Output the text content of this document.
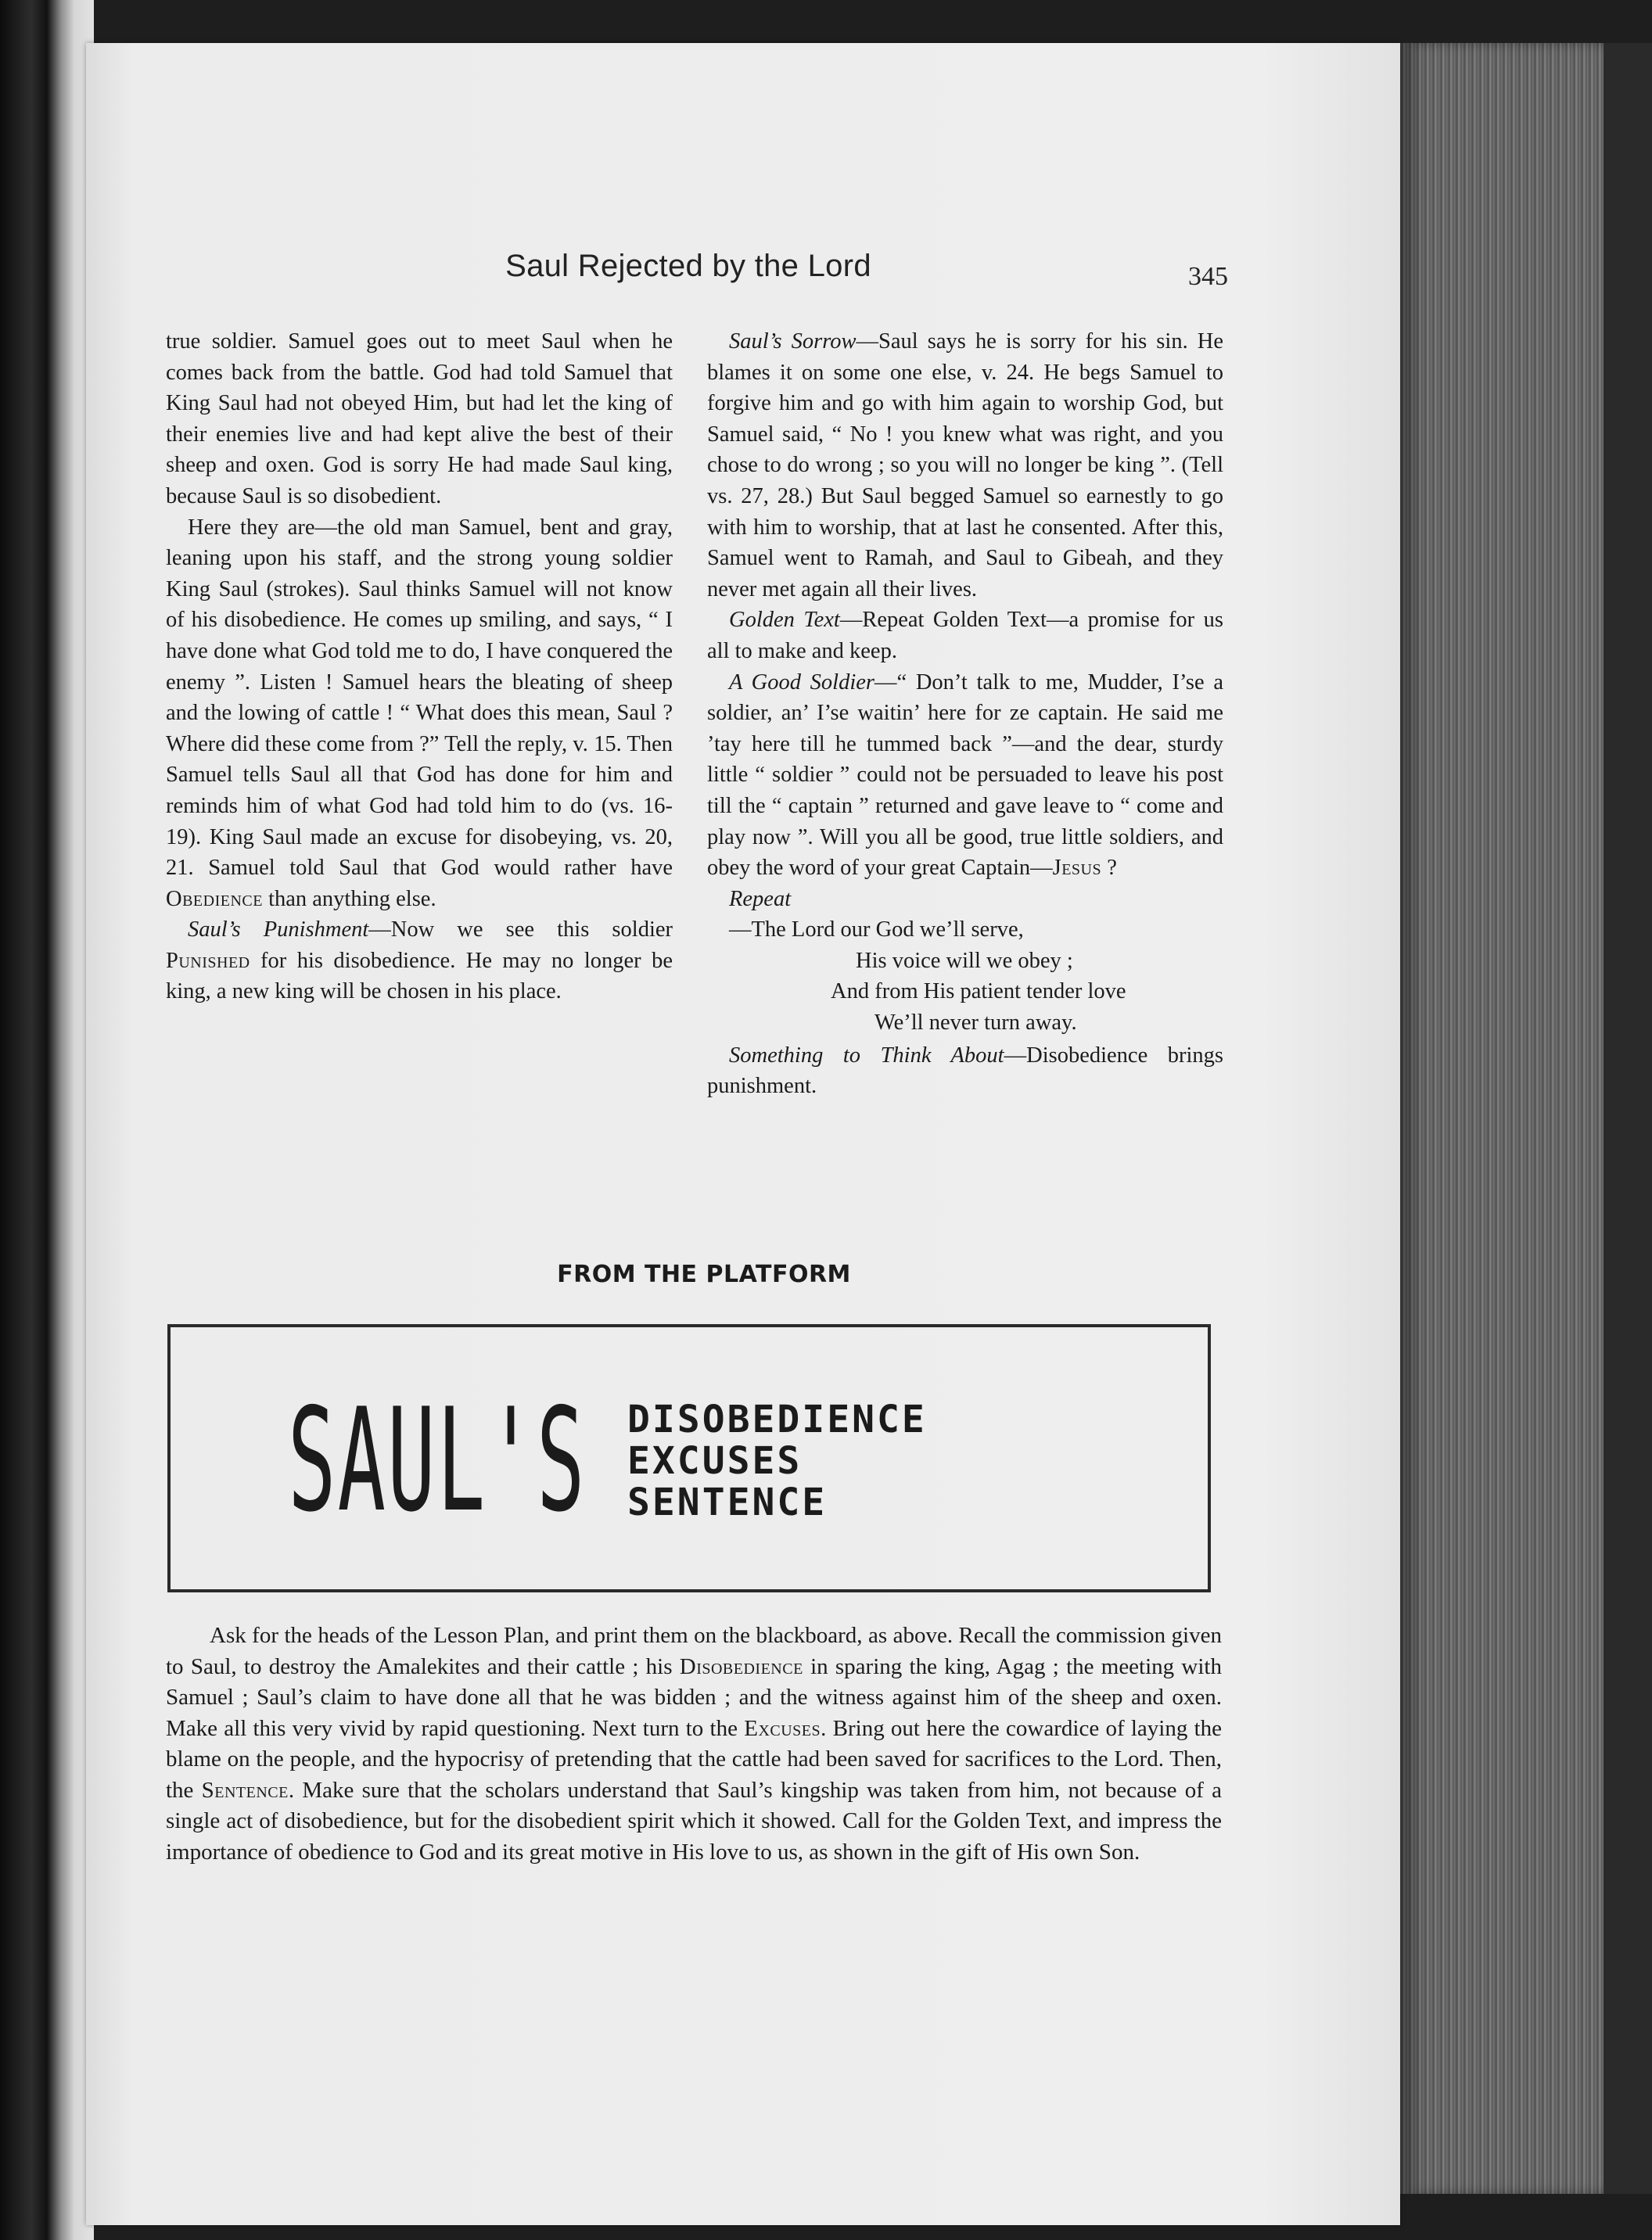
Saul Rejected by the Lord	345

true soldier. Samuel goes out to meet Saul when he comes back from the battle. God had told Samuel that King Saul had not obeyed Him, but had let the king of their enemies live and had kept alive the best of their sheep and oxen. God is sorry He had made Saul king, because Saul is so disobedient.

Here they are—the old man Samuel, bent and gray, leaning upon his staff, and the strong young soldier King Saul (strokes). Saul thinks Samuel will not know of his disobedience. He comes up smiling, and says, “ I have done what God told me to do, I have conquered the enemy ”. Listen ! Samuel hears the bleating of sheep and the lowing of cattle ! “ What does this mean, Saul ? Where did these come from ?” Tell the reply, v. 15. Then Samuel tells Saul all that God has done for him and reminds him of what God had told him to do (vs. 16-19). King Saul made an excuse for disobeying, vs. 20, 21. Samuel told Saul that God would rather have Obedience than anything else.

Saul’s Punishment—Now we see this soldier Punished for his disobedience. He may no longer be king, a new king will be chosen in his place.

Saul’s Sorrow—Saul says he is sorry for his sin. He blames it on some one else, v. 24. He begs Samuel to forgive him and go with him again to worship God, but Samuel said, “ No ! you knew what was right, and you chose to do wrong ; so you will no longer be king ”. (Tell vs. 27, 28.) But Saul begged Samuel so earnestly to go with him to worship, that at last he consented. After this, Samuel went to Ramah, and Saul to Gibeah, and they never met again all their lives.

Golden Text—Repeat Golden Text—a promise for us all to make and keep.

A Good Soldier—“ Don’t talk to me, Mudder, I’se a soldier, an’ I’se waitin’ here for ze captain. He said me ’tay here till he tummed back ”—and the dear, sturdy little “ soldier ” could not be persuaded to leave his post till the “ captain ” returned and gave leave to “ come and play now ”. Will you all be good, true little soldiers, and obey the word of your great Captain—Jesus ?

Repeat
—The Lord our God we’ll serve,
His voice will we obey ;
And from His patient tender love
We’ll never turn away.

Something to Think About—Disobedience brings punishment.

FROM THE PLATFORM
SAUL'S DISOBEDIENCE
EXCUSES
SENTENCE

Ask for the heads of the Lesson Plan, and print them on the blackboard, as above. Recall the commission given to Saul, to destroy the Amalekites and their cattle ; his Disobedience in sparing the king, Agag ; the meeting with Samuel ; Saul’s claim to have done all that he was bidden ; and the witness against him of the sheep and oxen. Make all this very vivid by rapid questioning. Next turn to the Excuses. Bring out here the cowardice of laying the blame on the people, and the hypocrisy of pretending that the cattle had been saved for sacrifices to the Lord. Then, the Sentence. Make sure that the scholars understand that Saul’s kingship was taken from him, not because of a single act of disobedience, but for the disobedient spirit which it showed. Call for the Golden Text, and impress the importance of obedience to God and its great motive in His love to us, as shown in the gift of His own Son.
